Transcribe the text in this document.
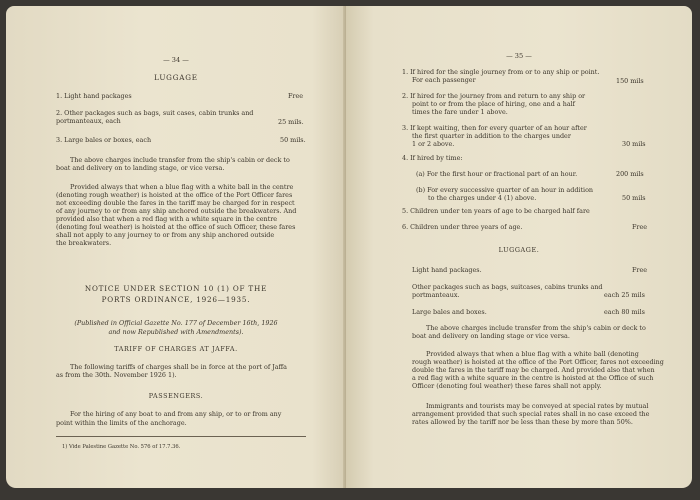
— 34 —
LUGGAGE
1. Light hand packages	Free
2. Other packages such as bags, suit cases, cabin trunks and
portmanteaux, each	25 mils.
3. Large bales or boxes, each	50 mils.
The above charges include transfer from the ship's cabin or deck to
boat and delivery on to landing stage, or vice versa.
Provided always that when a blue flag with a white ball in the centre
(denoting rough weather) is hoisted at the office of the Port Officer fares
not exceeding double the fares in the tariff may be charged for in respect
of any journey to or from any ship anchored outside the breakwaters. And
provided also that when a red flag with a white square in the centre
(denoting foul weather) is hoisted at the office of such Officer, these fares
shall not apply to any journey to or from any ship anchored outside
the breakwaters.
NOTICE UNDER SECTION 10 (1) OF THE
PORTS ORDINANCE, 1926—1935.
(Published in Official Gazette No. 177 of December 16th, 1926
and now Republished with Amendments).
TARIFF OF CHARGES AT JAFFA.
The following tariffs of charges shall be in force at the port of Jaffa
as from the 30th. November 1926 1).
PASSENGERS.
For the hiring of any boat to and from any ship, or to or from any
point within the limits of the anchorage.
1) Vide Palestine Gazette No. 576 of 17.7.36.
— 35 —
1. If hired for the single journey from or to any ship or point.
For each passenger	150 mils
2. If hired for the journey from and return to any ship or
point to or from the place of hiring, one and a half
times the fare under 1 above.
3. If kept waiting, then for every quarter of an hour after
the first quarter in addition to the charges under
1 or 2 above.	30 mils
4. If hired by time:
(a) For the first hour or fractional part of an hour.	200 mils
(b) For every successive quarter of an hour in addition
to the charges under 4 (1) above.	50 mils
5. Children under ten years of age to be charged half fare
6. Children under three years of age.	Free
LUGGAGE.
Light hand packages.	Free
Other packages such as bags, suitcases, cabins trunks and
portmanteaux.	each 25 mils
Large bales and boxes.	each 80 mils
The above charges include transfer from the ship's cabin or deck to
boat and delivery on landing stage or vice versa.
Provided always that when a blue flag with a white ball (denoting
rough weather) is hoisted at the office of the Port Officer, fares not exceeding
double the fares in the tariff may be charged. And provided also that when
a red flag with a white square in the centre is hoisted at the Office of such
Officer (denoting foul weather) these fares shall not apply.
Immigrants and tourists may be conveyed at special rates by mutual
arrangement provided that such special rates shall in no case exceed the
rates allowed by the tariff nor be less than these by more than 50%.
